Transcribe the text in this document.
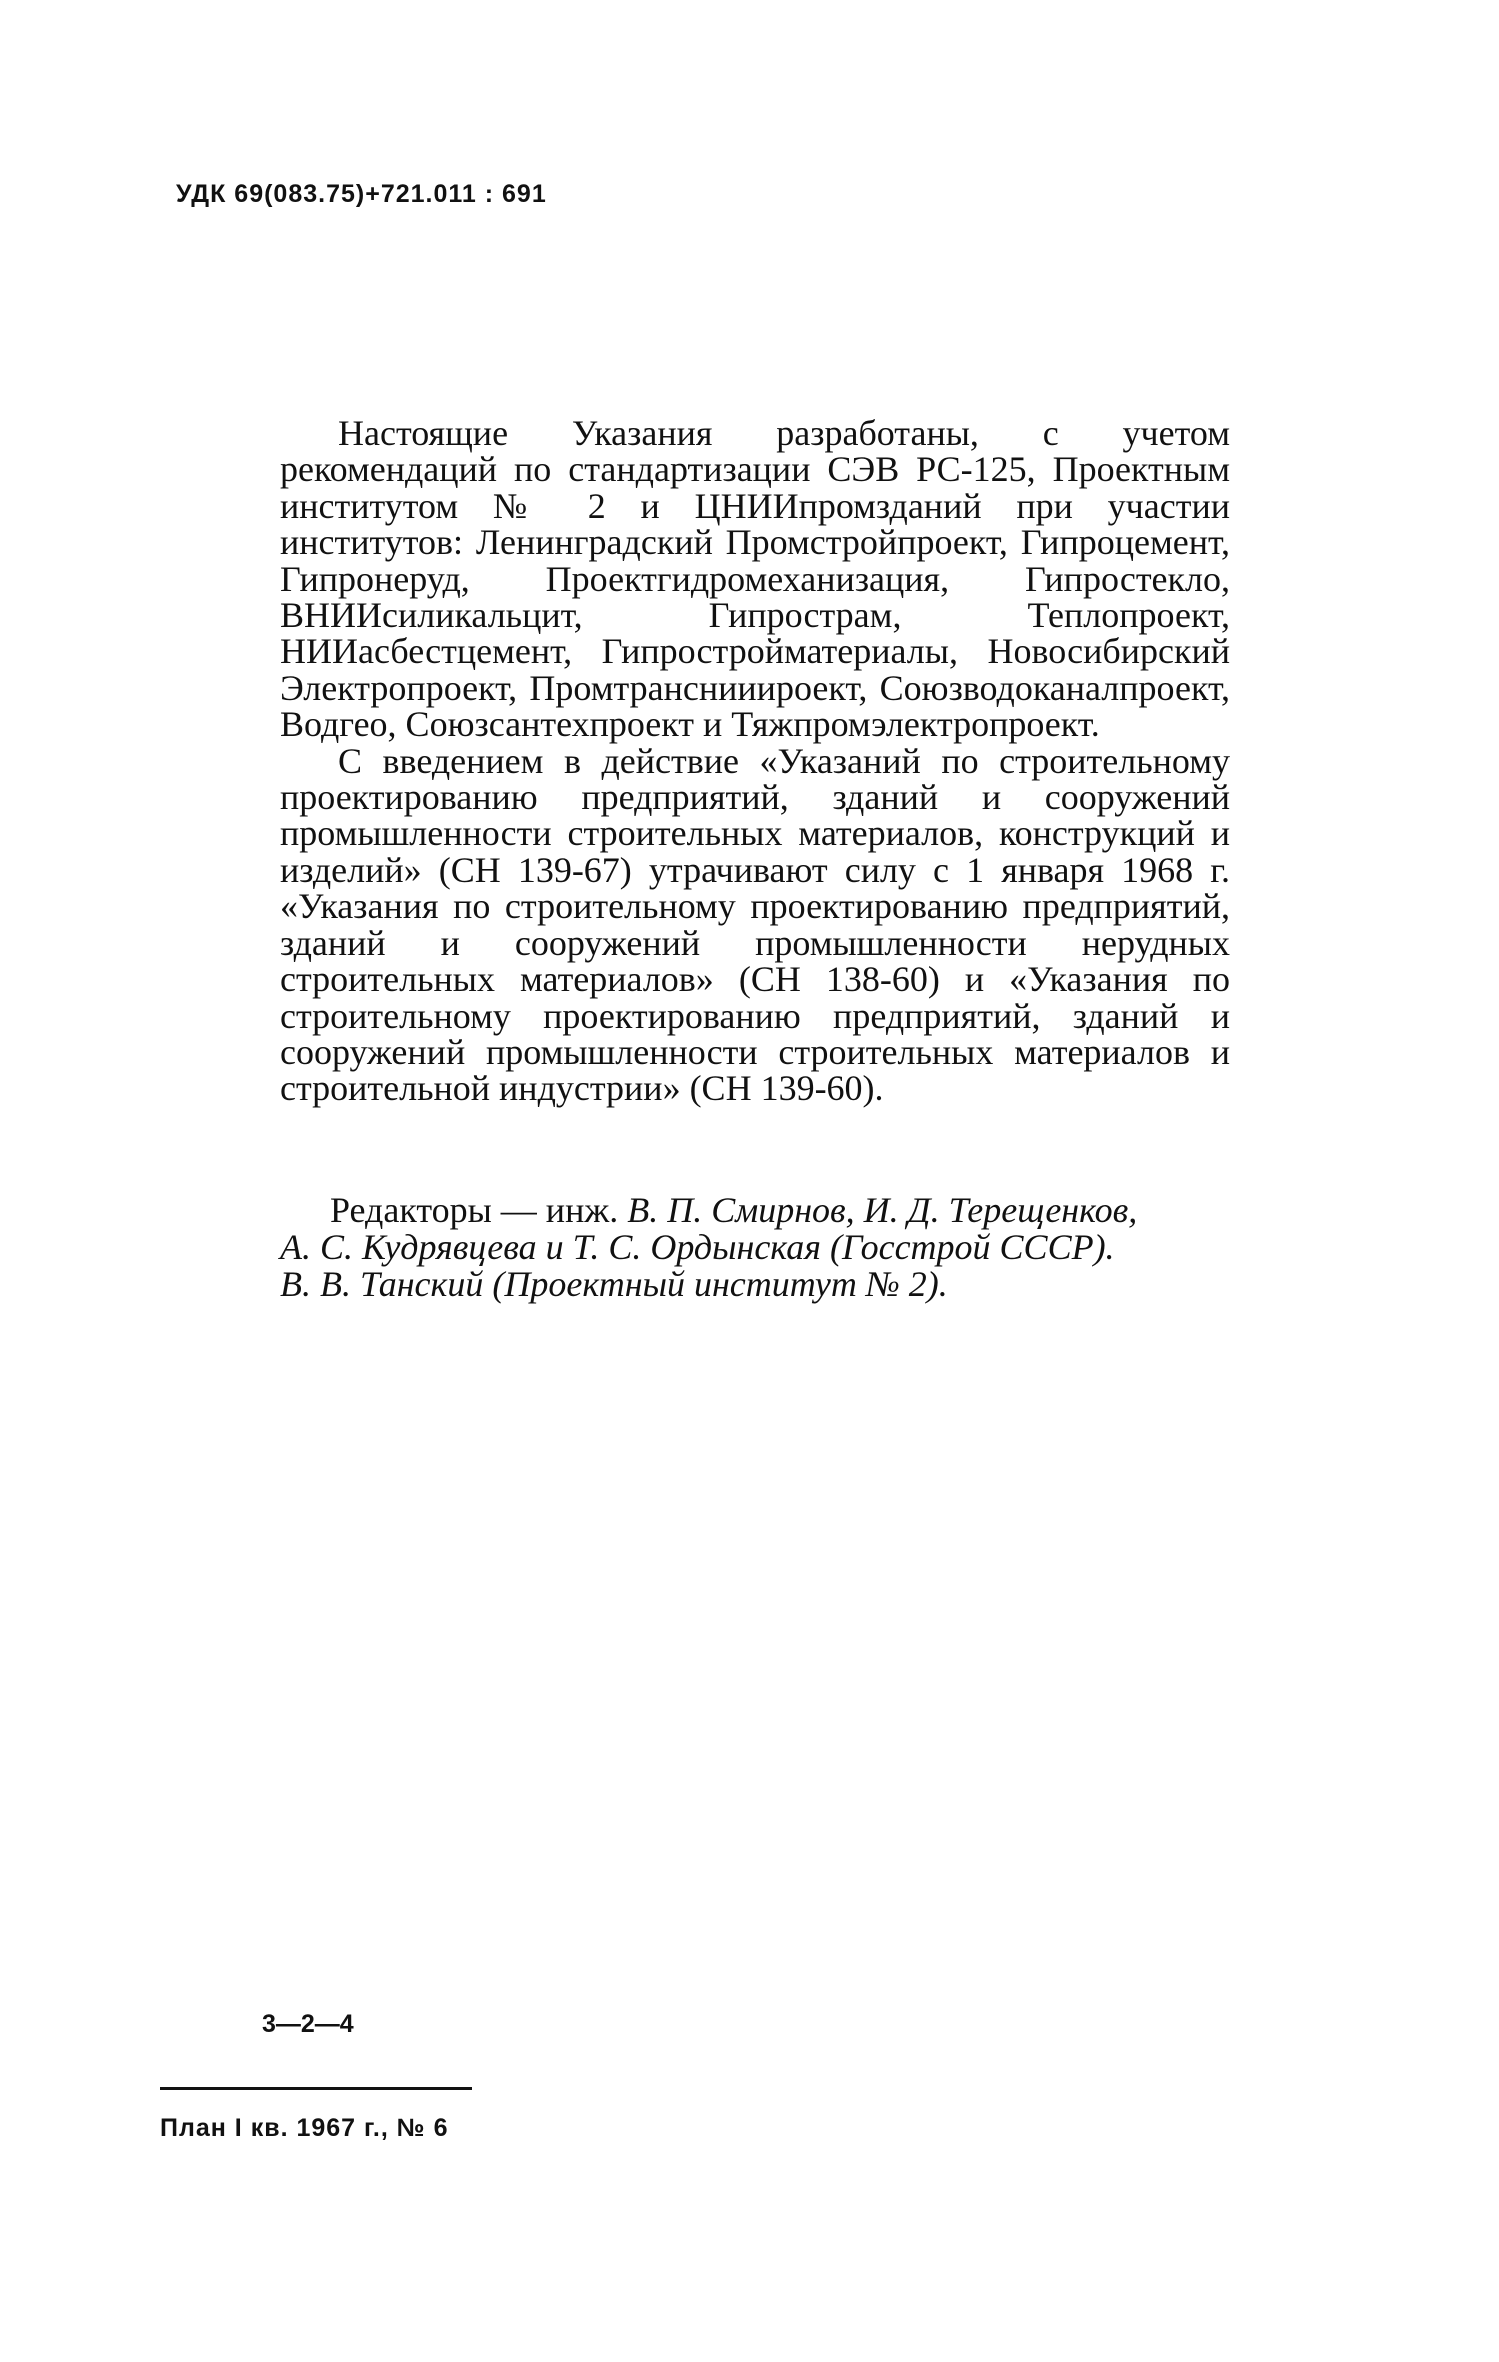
УДК 69(083.75)+721.011 : 691

Настоящие Указания разработаны, с учетом рекомендаций по стандартизации СЭВ РС-125, Проектным институтом № 2 и ЦНИИпромзданий при участии институтов: Ленинградский Промстройпроект, Гипроцемент, Гипронеруд, Проектгидромеханизация, Гипростекло, ВНИИсиликальцит, Гипрострам, Теплопроект, НИИасбестцемент, Гипростройматериалы, Новосибирский Электропроект, Промтранснииироект, Союзводоканалпроект, Водгео, Союзсантехпроект и Тяжпромэлектропроект.

С введением в действие «Указаний по строительному проектированию предприятий, зданий и сооружений промышленности строительных материалов, конструкций и изделий» (СН 139-67) утрачивают силу с 1 января 1968 г. «Указания по строительному проектированию предприятий, зданий и сооружений промышленности нерудных строительных материалов» (СН 138-60) и «Указания по строительному проектированию предприятий, зданий и сооружений промышленности строительных материалов и строительной индустрии» (СН 139-60).

Редакторы — инж. В. П. Смирнов, И. Д. Терещенков,
А. С. Кудрявцева и Т. С. Ордынская (Госстрой СССР).
В. В. Танский (Проектный институт № 2).
3—2—4
План I кв. 1967 г., № 6
